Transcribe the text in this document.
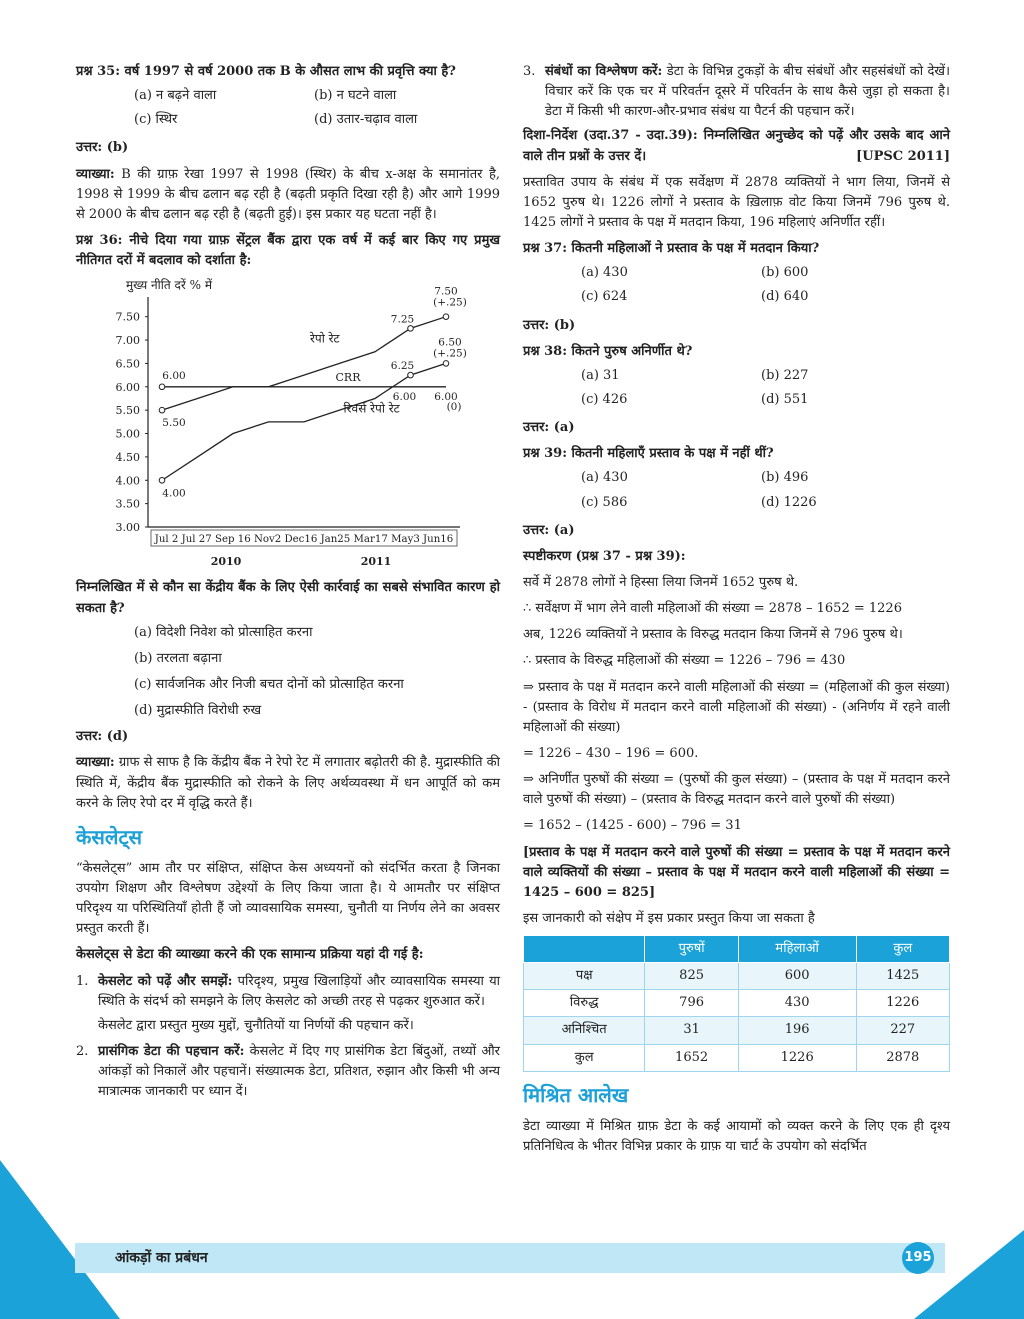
प्रश्न 35: वर्ष 1997 से वर्ष 2000 तक B के औसत लाभ की प्रवृत्ति क्या है?

(a) न बढ़ने वाला	(b) न घटने वाला
(c) स्थिर	(d) उतार-चढ़ाव वाला

उत्तर: (b)

व्याख्या: B की ग्राफ़ रेखा 1997 से 1998 (स्थिर) के बीच x-अक्ष के समानांतर है, 1998 से 1999 के बीच ढलान बढ़ रही है (बढ़ती प्रकृति दिखा रही है) और आगे 1999 से 2000 के बीच ढलान बढ़ रही है (बढ़ती हुई)। इस प्रकार यह घटता नहीं है।

प्रश्न 36: नीचे दिया गया ग्राफ़ सेंट्रल बैंक द्वारा एक वर्ष में कई बार किए गए प्रमुख नीतिगत दरों में बदलाव को दर्शाता है:

मुख्य नीति दरें % में
3.00
3.50
4.00
4.50
5.00
5.50
6.00
6.50
7.00
7.50
Jul 2 Jul 27 Sep 16 Nov2 Dec16 Jan25 Mar17 May3 Jun16
2010	2011
रेपो रेट
CRR
रिवर्स रेपो रेट
7.50
(+.25)
7.25
6.50
(+.25)
6.25
6.00
6.00 6.00
(0)
5.50
4.00

निम्नलिखित में से कौन सा केंद्रीय बैंक के लिए ऐसी कार्रवाई का सबसे संभावित कारण हो सकता है?

(a) विदेशी निवेश को प्रोत्साहित करना
(b) तरलता बढ़ाना
(c) सार्वजनिक और निजी बचत दोनों को प्रोत्साहित करना
(d) मुद्रास्फीति विरोधी रुख

उत्तर: (d)

व्याख्या: ग्राफ से साफ है कि केंद्रीय बैंक ने रेपो रेट में लगातार बढ़ोतरी की है. मुद्रास्फीति की स्थिति में, केंद्रीय बैंक मुद्रास्फीति को रोकने के लिए अर्थव्यवस्था में धन आपूर्ति को कम करने के लिए रेपो दर में वृद्धि करते हैं।

केसलेट्स

“केसलेट्स” आम तौर पर संक्षिप्त, संक्षिप्त केस अध्ययनों को संदर्भित करता है जिनका उपयोग शिक्षण और विश्लेषण उद्देश्यों के लिए किया जाता है। ये आमतौर पर संक्षिप्त परिदृश्य या परिस्थितियाँ होती हैं जो व्यावसायिक समस्या, चुनौती या निर्णय लेने का अवसर प्रस्तुत करती हैं।

केसलेट्स से डेटा की व्याख्या करने की एक सामान्य प्रक्रिया यहां दी गई है:

1. केसलेट को पढ़ें और समझें: परिदृश्य, प्रमुख खिलाड़ियों और व्यावसायिक समस्या या स्थिति के संदर्भ को समझने के लिए केसलेट को अच्छी तरह से पढ़कर शुरुआत करें।

केसलेट द्वारा प्रस्तुत मुख्य मुद्दों, चुनौतियों या निर्णयों की पहचान करें।

2. प्रासंगिक डेटा की पहचान करें: केसलेट में दिए गए प्रासंगिक डेटा बिंदुओं, तथ्यों और आंकड़ों को निकालें और पहचानें। संख्यात्मक डेटा, प्रतिशत, रुझान और किसी भी अन्य मात्रात्मक जानकारी पर ध्यान दें।

3. संबंधों का विश्लेषण करें: डेटा के विभिन्न टुकड़ों के बीच संबंधों और सहसंबंधों को देखें। विचार करें कि एक चर में परिवर्तन दूसरे में परिवर्तन के साथ कैसे जुड़ा हो सकता है। डेटा में किसी भी कारण-और-प्रभाव संबंध या पैटर्न की पहचान करें।

दिशा-निर्देश (उदा.37 - उदा.39): निम्नलिखित अनुच्छेद को पढ़ें और उसके बाद आने वाले तीन प्रश्नों के उत्तर दें।	[UPSC 2011]

प्रस्तावित उपाय के संबंध में एक सर्वेक्षण में 2878 व्यक्तियों ने भाग लिया, जिनमें से 1652 पुरुष थे। 1226 लोगों ने प्रस्ताव के ख़िलाफ़ वोट किया जिनमें 796 पुरुष थे. 1425 लोगों ने प्रस्ताव के पक्ष में मतदान किया, 196 महिलाएं अनिर्णीत रहीं।

प्रश्न 37: कितनी महिलाओं ने प्रस्ताव के पक्ष में मतदान किया?

(a) 430	(b) 600
(c) 624	(d) 640

उत्तर: (b)

प्रश्न 38: कितने पुरुष अनिर्णीत थे?

(a) 31	(b) 227
(c) 426	(d) 551

उत्तर: (a)

प्रश्न 39: कितनी महिलाएँ प्रस्ताव के पक्ष में नहीं थीं?

(a) 430	(b) 496
(c) 586	(d) 1226

उत्तर: (a)

स्पष्टीकरण (प्रश्न 37 - प्रश्न 39):

सर्वे में 2878 लोगों ने हिस्सा लिया जिनमें 1652 पुरुष थे.

∴ सर्वेक्षण में भाग लेने वाली महिलाओं की संख्या = 2878 – 1652 = 1226

अब, 1226 व्यक्तियों ने प्रस्ताव के विरुद्ध मतदान किया जिनमें से 796 पुरुष थे।

∴ प्रस्ताव के विरुद्ध महिलाओं की संख्या = 1226 – 796 = 430

⇒ प्रस्ताव के पक्ष में मतदान करने वाली महिलाओं की संख्या = (महिलाओं की कुल संख्या) - (प्रस्ताव के विरोध में मतदान करने वाली महिलाओं की संख्या) - (अनिर्णय में रहने वाली महिलाओं की संख्या)

= 1226 – 430 – 196 = 600.

⇒ अनिर्णीत पुरुषों की संख्या = (पुरुषों की कुल संख्या) – (प्रस्ताव के पक्ष में मतदान करने वाले पुरुषों की संख्या) – (प्रस्ताव के विरुद्ध मतदान करने वाले पुरुषों की संख्या)

= 1652 – (1425 - 600) – 796 = 31

[प्रस्ताव के पक्ष में मतदान करने वाले पुरुषों की संख्या = प्रस्ताव के पक्ष में मतदान करने वाले व्यक्तियों की संख्या – प्रस्ताव के पक्ष में मतदान करने वाली महिलाओं की संख्या = 1425 – 600 = 825]

इस जानकारी को संक्षेप में इस प्रकार प्रस्तुत किया जा सकता है

	पुरुषों	महिलाओं	कुल
पक्ष	825	600	1425
विरुद्ध	796	430	1226
अनिश्चित	31	196	227
कुल	1652	1226	2878
मिश्रित आलेख

डेटा व्याख्या में मिश्रित ग्राफ़ डेटा के कई आयामों को व्यक्त करने के लिए एक ही दृश्य प्रतिनिधित्व के भीतर विभिन्न प्रकार के ग्राफ़ या चार्ट के उपयोग को संदर्भित

आंकड़ों का प्रबंधन	195
